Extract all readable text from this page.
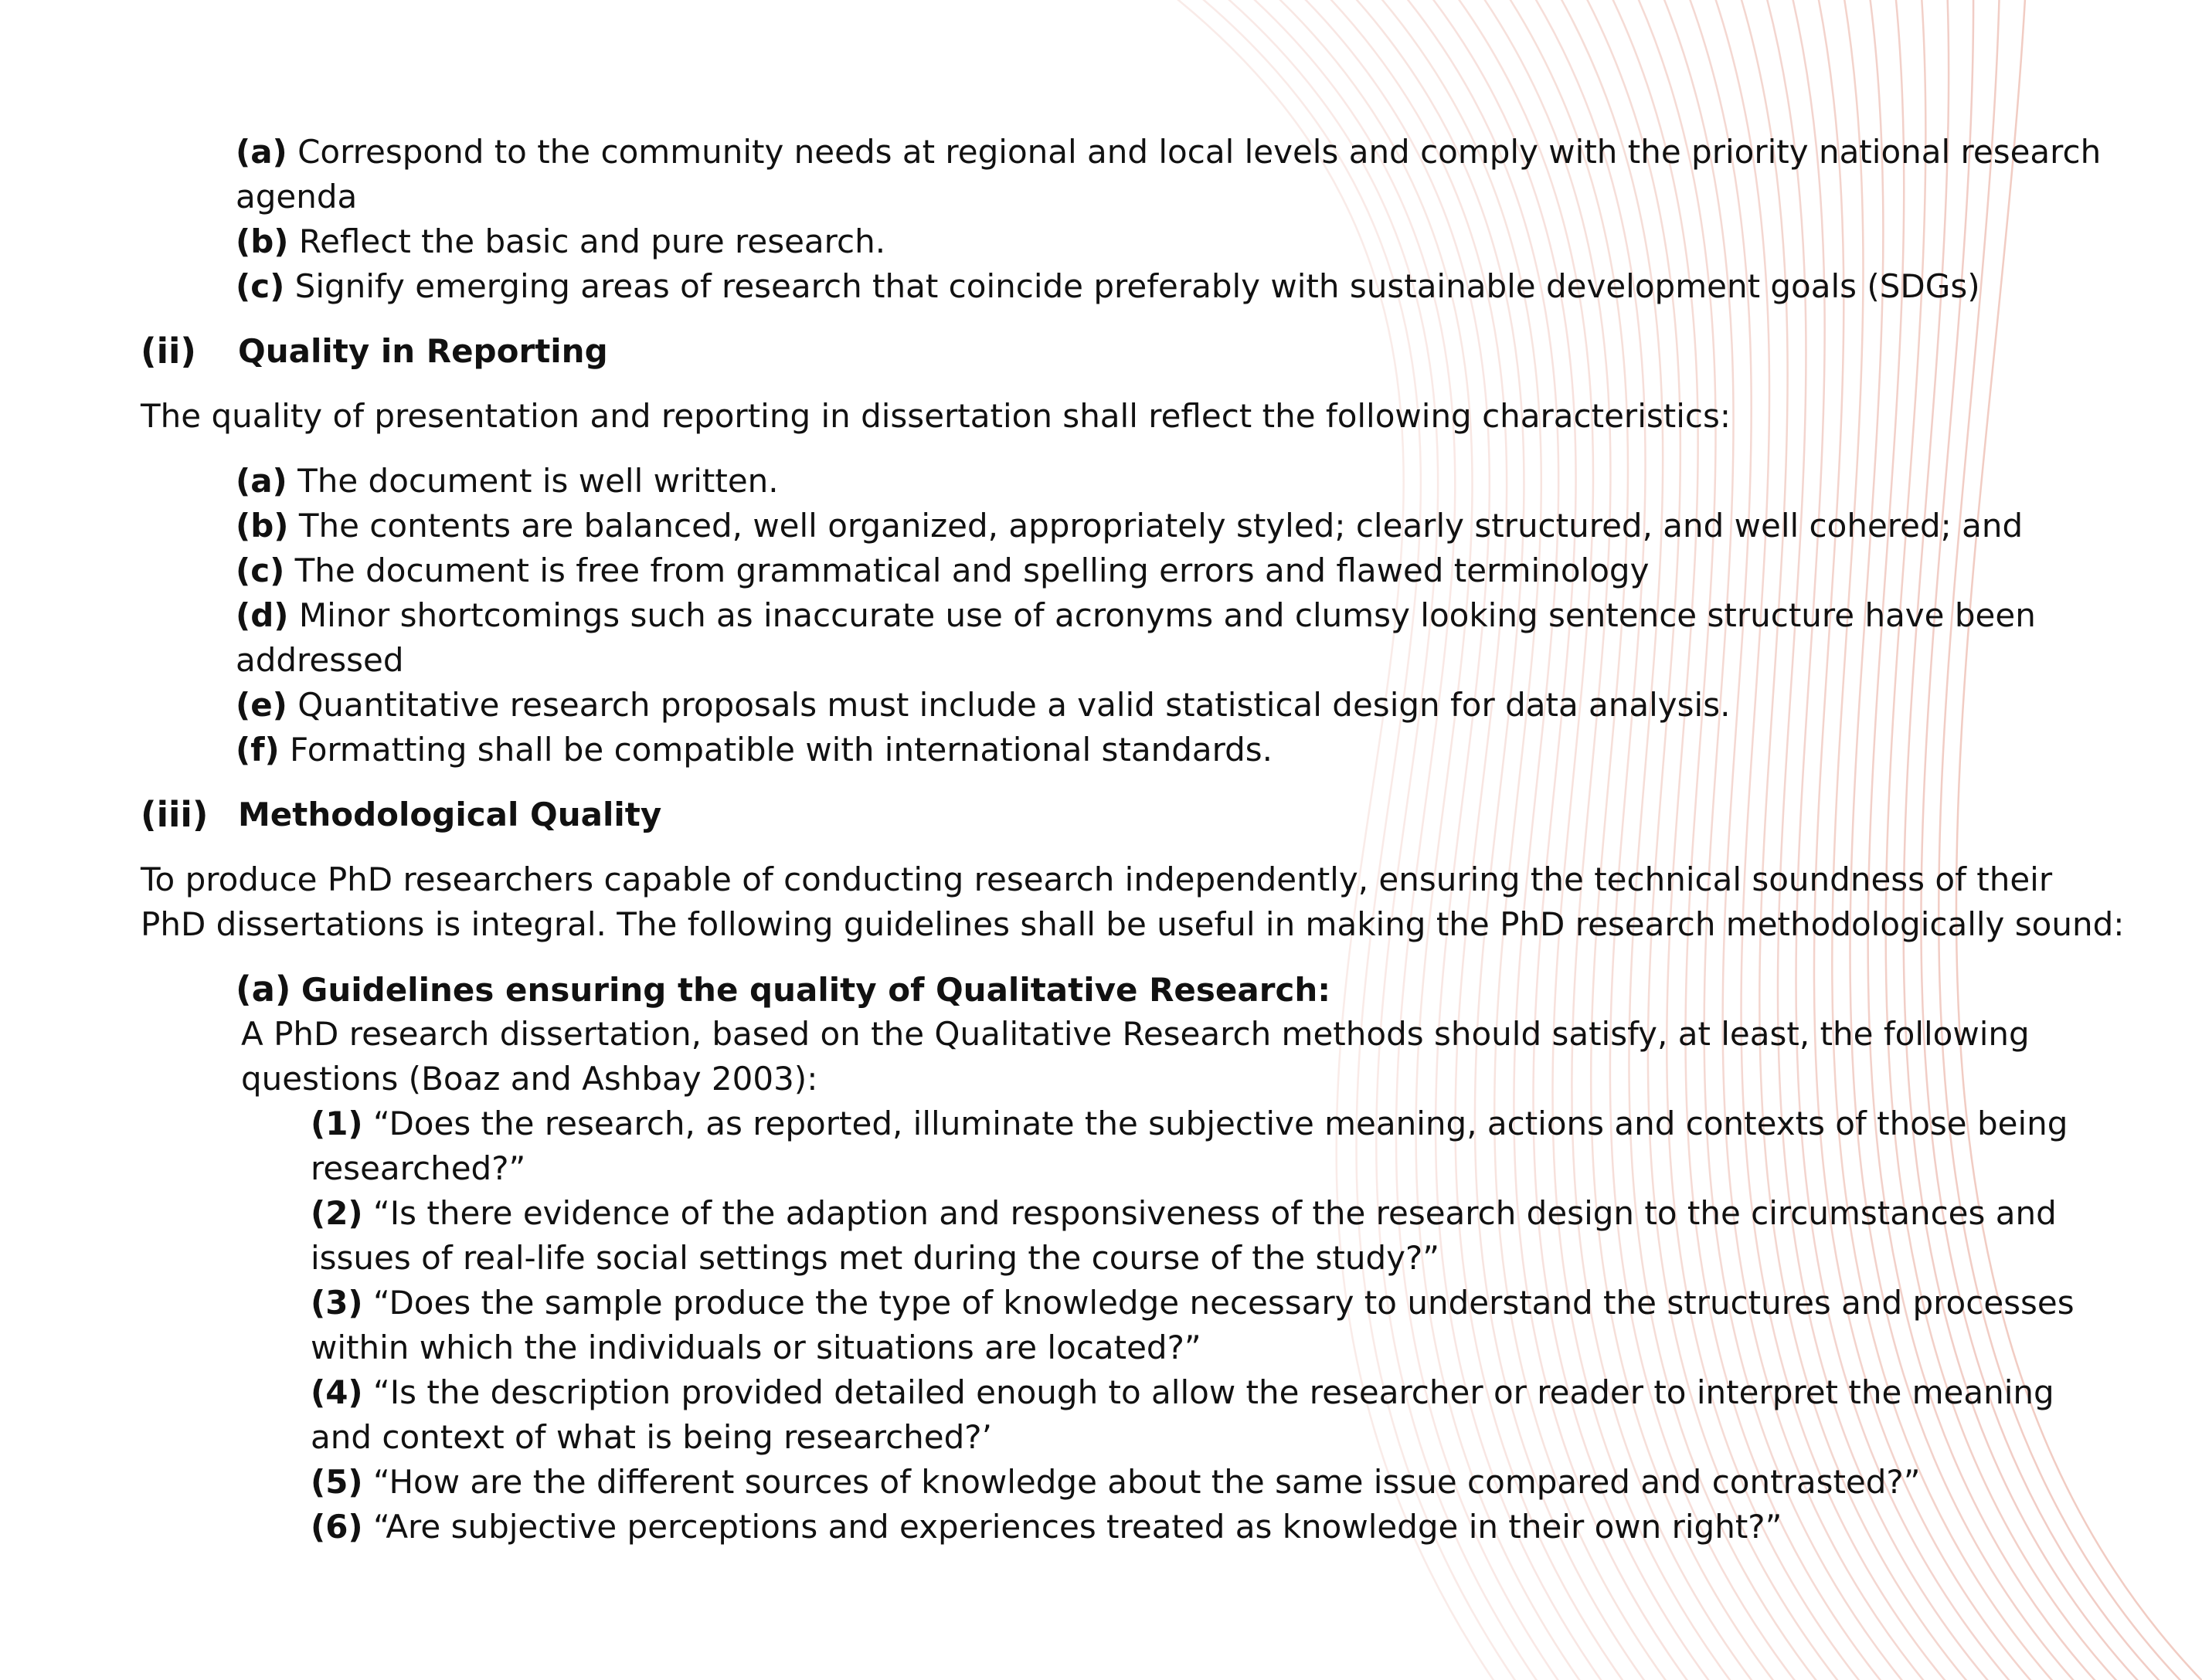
(a) Correspond to the community needs at regional and local levels and comply with the priority national research
agenda
(b) Reflect the basic and pure research.
(c) Signify emerging areas of research that coincide preferably with sustainable development goals (SDGs)
(ii) Quality in Reporting
The quality of presentation and reporting in dissertation shall reflect the following characteristics:
(a) The document is well written.
(b) The contents are balanced, well organized, appropriately styled; clearly structured, and well cohered; and
(c) The document is free from grammatical and spelling errors and flawed terminology
(d) Minor shortcomings such as inaccurate use of acronyms and clumsy looking sentence structure have been
addressed
(e) Quantitative research proposals must include a valid statistical design for data analysis.
(f) Formatting shall be compatible with international standards.
(iii) Methodological Quality
To produce PhD researchers capable of conducting research independently, ensuring the technical soundness of their
PhD dissertations is integral. The following guidelines shall be useful in making the PhD research methodologically sound:
(a) Guidelines ensuring the quality of Qualitative Research:
A PhD research dissertation, based on the Qualitative Research methods should satisfy, at least, the following
questions (Boaz and Ashbay 2003):
(1) “Does the research, as reported, illuminate the subjective meaning, actions and contexts of those being
researched?”
(2) “Is there evidence of the adaption and responsiveness of the research design to the circumstances and
issues of real-life social settings met during the course of the study?”
(3) “Does the sample produce the type of knowledge necessary to understand the structures and processes
within which the individuals or situations are located?”
(4) “Is the description provided detailed enough to allow the researcher or reader to interpret the meaning
and context of what is being researched?’
(5) “How are the different sources of knowledge about the same issue compared and contrasted?”
(6) “Are subjective perceptions and experiences treated as knowledge in their own right?”
